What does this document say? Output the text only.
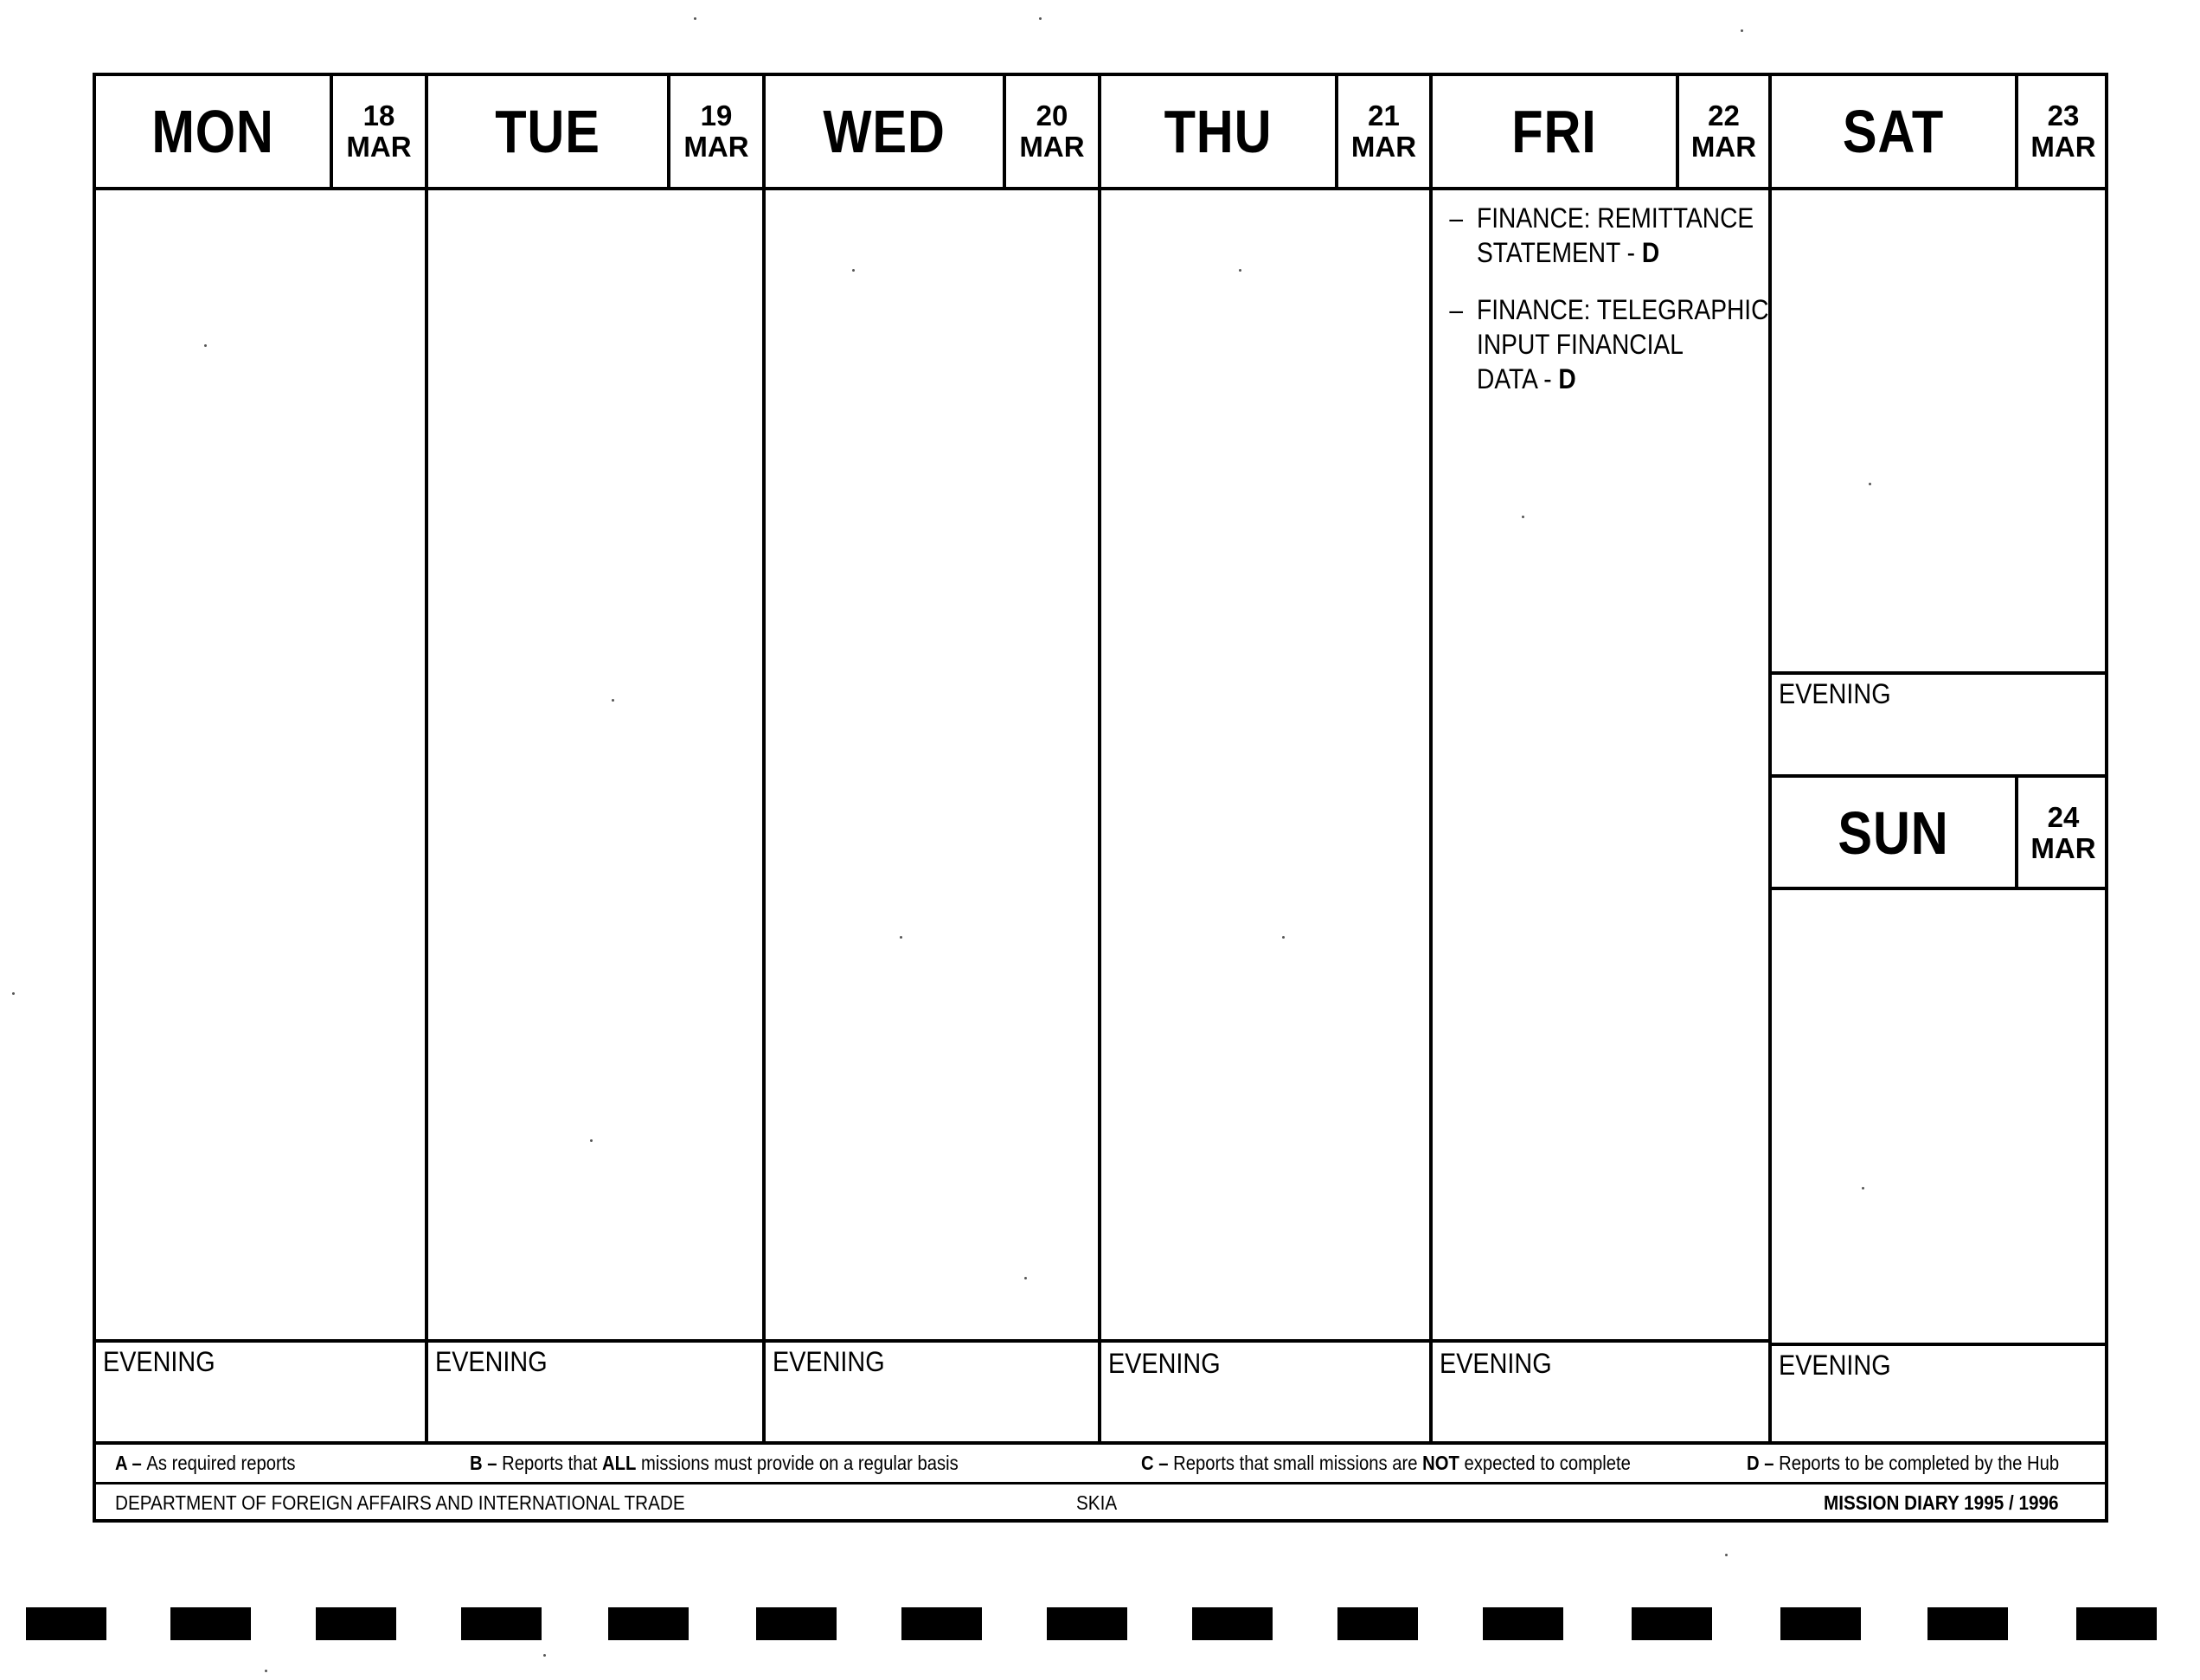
MON	18
MAR
EVENING
TUE	19
MAR
EVENING
WED	20
MAR
EVENING
THU	21
MAR
EVENING
FRI	22
MAR
– FINANCE: REMITTANCE
STATEMENT - D
– FINANCE: TELEGRAPHIC
INPUT FINANCIAL
DATA - D
EVENING
SAT	23
MAR
EVENING
SUN	24
MAR
EVENING
A – As required reports	B – Reports that ALL missions must provide on a regular basis	C – Reports that small missions are NOT expected to complete	D – Reports to be completed by the Hub
DEPARTMENT OF FOREIGN AFFAIRS AND INTERNATIONAL TRADE	SKIA	MISSION DIARY 1995 / 1996
